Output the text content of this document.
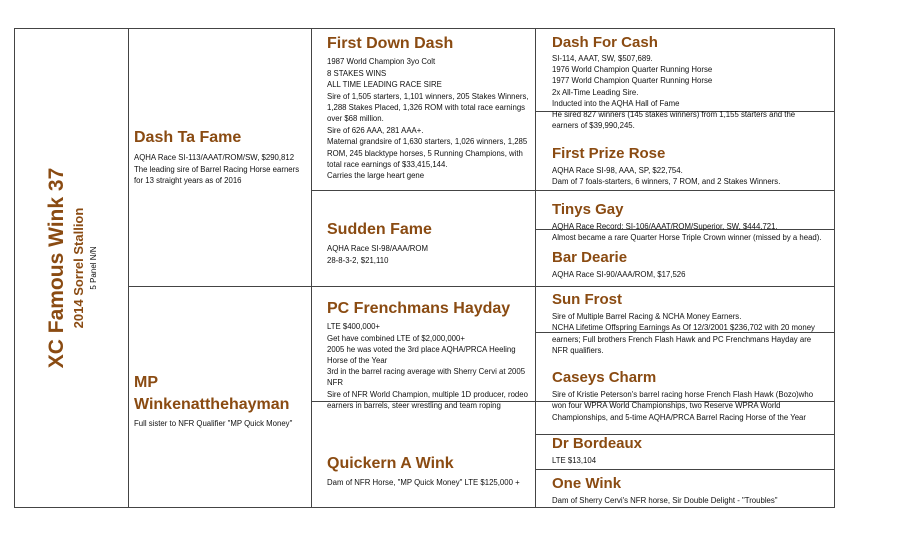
XC Famous Wink 37 2014 Sorrel Stallion 5 Panel N/N
Dash Ta Fame
AQHA Race SI-113/AAAT/ROM/SW, $290,812
The leading sire of Barrel Racing Horse earners
for 13 straight years as of 2016
MP
Winkenatthehayman
Full sister to NFR Qualifier "MP Quick Money"
First Down Dash
1987 World Champion 3yo Colt
8 STAKES WINS
ALL TIME LEADING RACE SIRE
Sire of 1,505 starters, 1,101 winners, 205 Stakes Winners,
1,288 Stakes Placed, 1,326 ROM with total race earnings
over $68 million.
Sire of 626 AAA, 281 AAA+.
Maternal grandsire of 1,630 starters, 1,026 winners, 1,285
ROM, 245 blacktype horses, 5 Running Champions, with
total race earnings of $33,415,144.
Carries the large heart gene
Sudden Fame
AQHA Race SI-98/AAA/ROM
28-8-3-2, $21,110
PC Frenchmans Hayday
LTE $400,000+
Get have combined LTE of $2,000,000+
2005 he was voted the 3rd place AQHA/PRCA Heeling
Horse of the Year
3rd in the barrel racing average with Sherry Cervi at 2005
NFR
Sire of NFR World Champion, multiple 1D producer, rodeo
earners in barrels, steer wrestling and team roping
Quickern A Wink
Dam of NFR Horse, "MP Quick Money" LTE $125,000 +
Dash For Cash
SI-114, AAAT, SW, $507,689.
1976 World Champion Quarter Running Horse
1977 World Champion Quarter Running Horse
2x All-Time Leading Sire.
Inducted into the AQHA Hall of Fame
He sired 827 winners (145 stakes winners) from 1,155 starters and the
earners of $39,990,245.
First Prize Rose
AQHA Race SI-98, AAA, SP, $22,754.
Dam of 7 foals-starters, 6 winners, 7 ROM, and 2 Stakes Winners.
Tinys Gay
AQHA Race Record: SI-106/AAAT/ROM/Superior, SW, $444,721.
Almost became a rare Quarter Horse Triple Crown winner (missed by a head).
Bar Dearie
AQHA Race SI-90/AAA/ROM, $17,526
Sun Frost
Sire of Multiple Barrel Racing & NCHA Money Earners.
NCHA Lifetime Offspring Earnings As Of 12/3/2001 $236,702 with 20 money
earners; Full brothers French Flash Hawk and PC Frenchmans Hayday are
NFR qualifiers.
Caseys Charm
Sire of Kristie Peterson's barrel racing horse French Flash Hawk (Bozo)who
won four WPRA World Championships, two Reserve WPRA World
Championships, and 5-time AQHA/PRCA Barrel Racing Horse of the Year
Dr Bordeaux
LTE $13,104
One Wink
Dam of Sherry Cervi's NFR horse, Sir Double Delight - "Troubles"
